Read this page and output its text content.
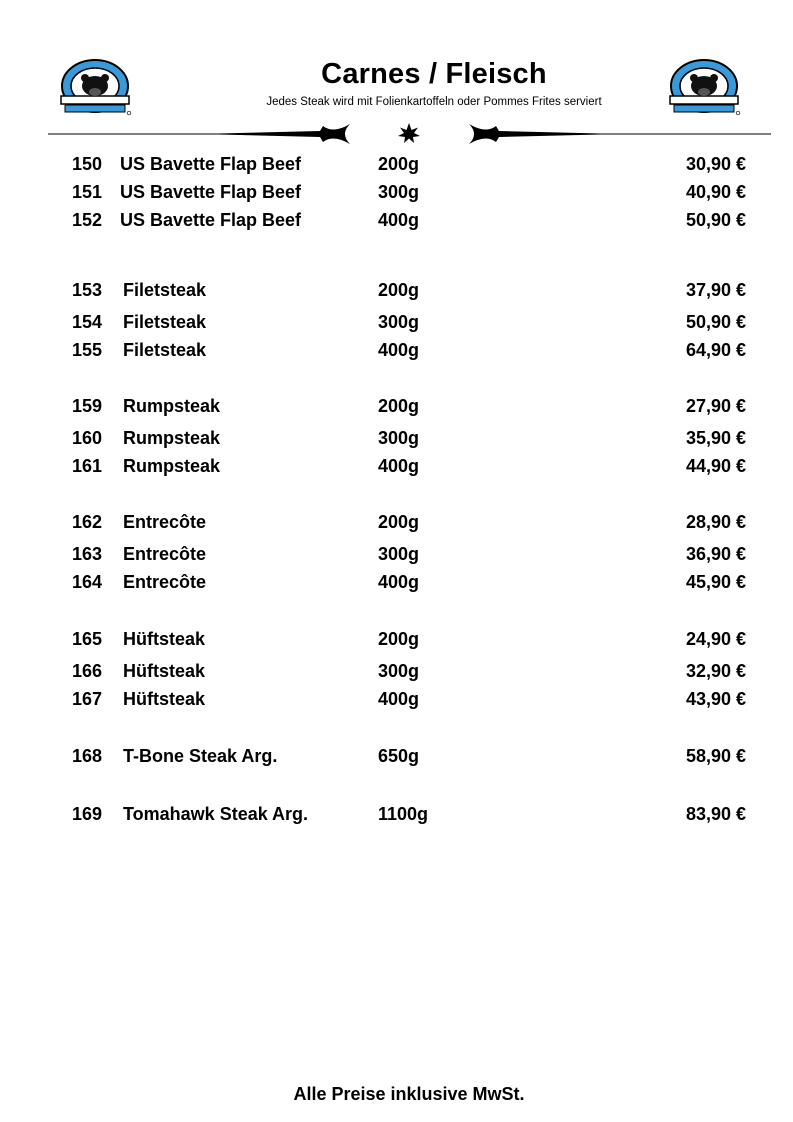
Carnes / Fleisch
Jedes Steak wird mit Folienkartoffeln oder Pommes Frites serviert
150 US Bavette Flap Beef	200g	30,90 €
151 US Bavette Flap Beef	300g	40,90 €
152 US Bavette Flap Beef	400g	50,90 €
153 Filetsteak	200g	37,90 €
154 Filetsteak	300g	50,90 €
155 Filetsteak	400g	64,90 €
159 Rumpsteak	200g	27,90 €
160 Rumpsteak	300g	35,90 €
161 Rumpsteak	400g	44,90 €
162 Entrecôte	200g	28,90 €
163 Entrecôte	300g	36,90 €
164 Entrecôte	400g	45,90 €
165 Hüftsteak	200g	24,90 €
166 Hüftsteak	300g	32,90 €
167 Hüftsteak	400g	43,90 €
168 T-Bone Steak Arg.	650g	58,90 €
169 Tomahawk Steak Arg.	1100g	83,90 €
Alle Preise inklusive MwSt.
